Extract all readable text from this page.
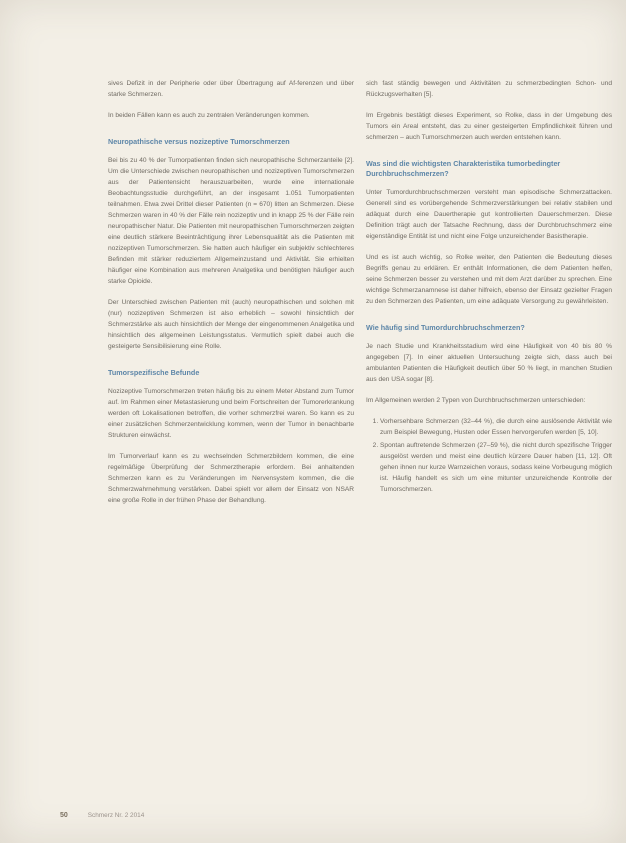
sives Defizit in der Peripherie oder über Übertragung auf Af-ferenzen und über starke Schmerzen.

In beiden Fällen kann es auch zu zentralen Veränderungen kommen.

Neuropathische versus nozizeptive Tumorschmerzen

Bei bis zu 40 % der Tumorpatienten finden sich neuropathische Schmerzanteile [2]. Um die Unterschiede zwischen neuropathischen und nozizeptiven Tumorschmerzen aus der Patientensicht herauszuarbeiten, wurde eine internationale Beobachtungsstudie durchgeführt, an der insgesamt 1.051 Tumorpatienten teilnahmen. Etwa zwei Drittel dieser Patienten (n = 670) litten an Schmerzen. Diese Schmerzen waren in 40 % der Fälle rein nozizeptiv und in knapp 25 % der Fälle rein neuropathischer Natur. Die Patienten mit neuropathischen Tumorschmerzen zeigten eine deutlich stärkere Beeinträchtigung ihrer Lebensqualität als die Patienten mit nozizeptiven Tumorschmerzen. Sie hatten auch häufiger ein subjektiv schlechteres Befinden mit stärker reduziertem Allgemeinzustand und Aktivität. Sie erhielten häufiger eine Kombination aus mehreren Analgetika und benötigten häufiger auch starke Opioide.

Der Unterschied zwischen Patienten mit (auch) neuropathischen und solchen mit (nur) nozizeptiven Schmerzen ist also erheblich – sowohl hinsichtlich der Schmerzstärke als auch hinsichtlich der Menge der eingenommenen Analgetika und hinsichtlich des allgemeinen Leistungsstatus. Vermutlich spielt dabei auch die gesteigerte Sensibilisierung eine Rolle.

Tumorspezifische Befunde

Nozizeptive Tumorschmerzen treten häufig bis zu einem Meter Abstand zum Tumor auf. Im Rahmen einer Metastasierung und beim Fortschreiten der Tumorerkrankung werden oft Lokalisationen betroffen, die vorher schmerzfrei waren. So kann es zu einer zusätzlichen Schmerzentwicklung kommen, wenn der Tumor in benachbarte Strukturen einwächst.

Im Tumorverlauf kann es zu wechselnden Schmerzbildern kommen, die eine regelmäßige Überprüfung der Schmerztherapie erfordern. Bei anhaltenden Schmerzen kann es zu Veränderungen im Nervensystem kommen, die die Schmerzwahrnehmung verstärken. Dabei spielt vor allem der Einsatz von NSAR eine große Rolle in der frühen Phase der Behandlung.

sich fast ständig bewegen und Aktivitäten zu schmerzbedingten Schon- und Rückzugsverhalten [5].

Im Ergebnis bestätigt dieses Experiment, so Rolke, dass in der Umgebung des Tumors ein Areal entsteht, das zu einer gesteigerten Empfindlichkeit führen und schmerzen – auch Tumorschmerzen auch werden entstehen kann.

Was sind die wichtigsten Charakteristika tumorbedingter Durchbruchschmerzen?

Unter Tumordurchbruchschmerzen versteht man episodische Schmerzattacken. Generell sind es vorübergehende Schmerzverstärkungen bei relativ stabilen und adäquat durch eine Dauertherapie gut kontrollierten Dauerschmerzen. Diese Definition trägt auch der Tatsache Rechnung, dass der Durchbruchschmerz eine eigenständige Entität ist und nicht eine Folge unzureichender Basistherapie.

Und es ist auch wichtig, so Rolke weiter, den Patienten die Bedeutung dieses Begriffs genau zu erklären. Er enthält Informationen, die dem Patienten helfen, seine Schmerzen besser zu verstehen und mit dem Arzt darüber zu sprechen. Eine wichtige Schmerzanamnese ist daher hilfreich, ebenso der Einsatz gezielter Fragen zu den Schmerzen des Patienten, um eine adäquate Versorgung zu gewährleisten.

Wie häufig sind Tumordurchbruchschmerzen?

Je nach Studie und Krankheitsstadium wird eine Häufigkeit von 40 bis 80 % angegeben [7]. In einer aktuellen Untersuchung zeigte sich, dass auch bei ambulanten Patienten die Häufigkeit deutlich über 50 % liegt, in manchen Studien aus den USA sogar [8].

Im Allgemeinen werden 2 Typen von Durchbruchschmerzen unterschieden:

1. Vorhersehbare Schmerzen (32–44 %), die durch eine auslösende Aktivität wie zum Beispiel Bewegung, Husten oder Essen hervorgerufen werden [5, 10].
2. Spontan auftretende Schmerzen (27–59 %), die nicht durch spezifische Trigger ausgelöst werden und meist eine deutlich kürzere Dauer haben [11, 12]. Oft gehen ihnen nur kurze Warnzeichen voraus, sodass keine Vorbeugung möglich ist. Häufig handelt es sich um eine mitunter unzureichende Kontrolle der Tumorschmerzen.
50	Schmerz Nr. 2 2014
